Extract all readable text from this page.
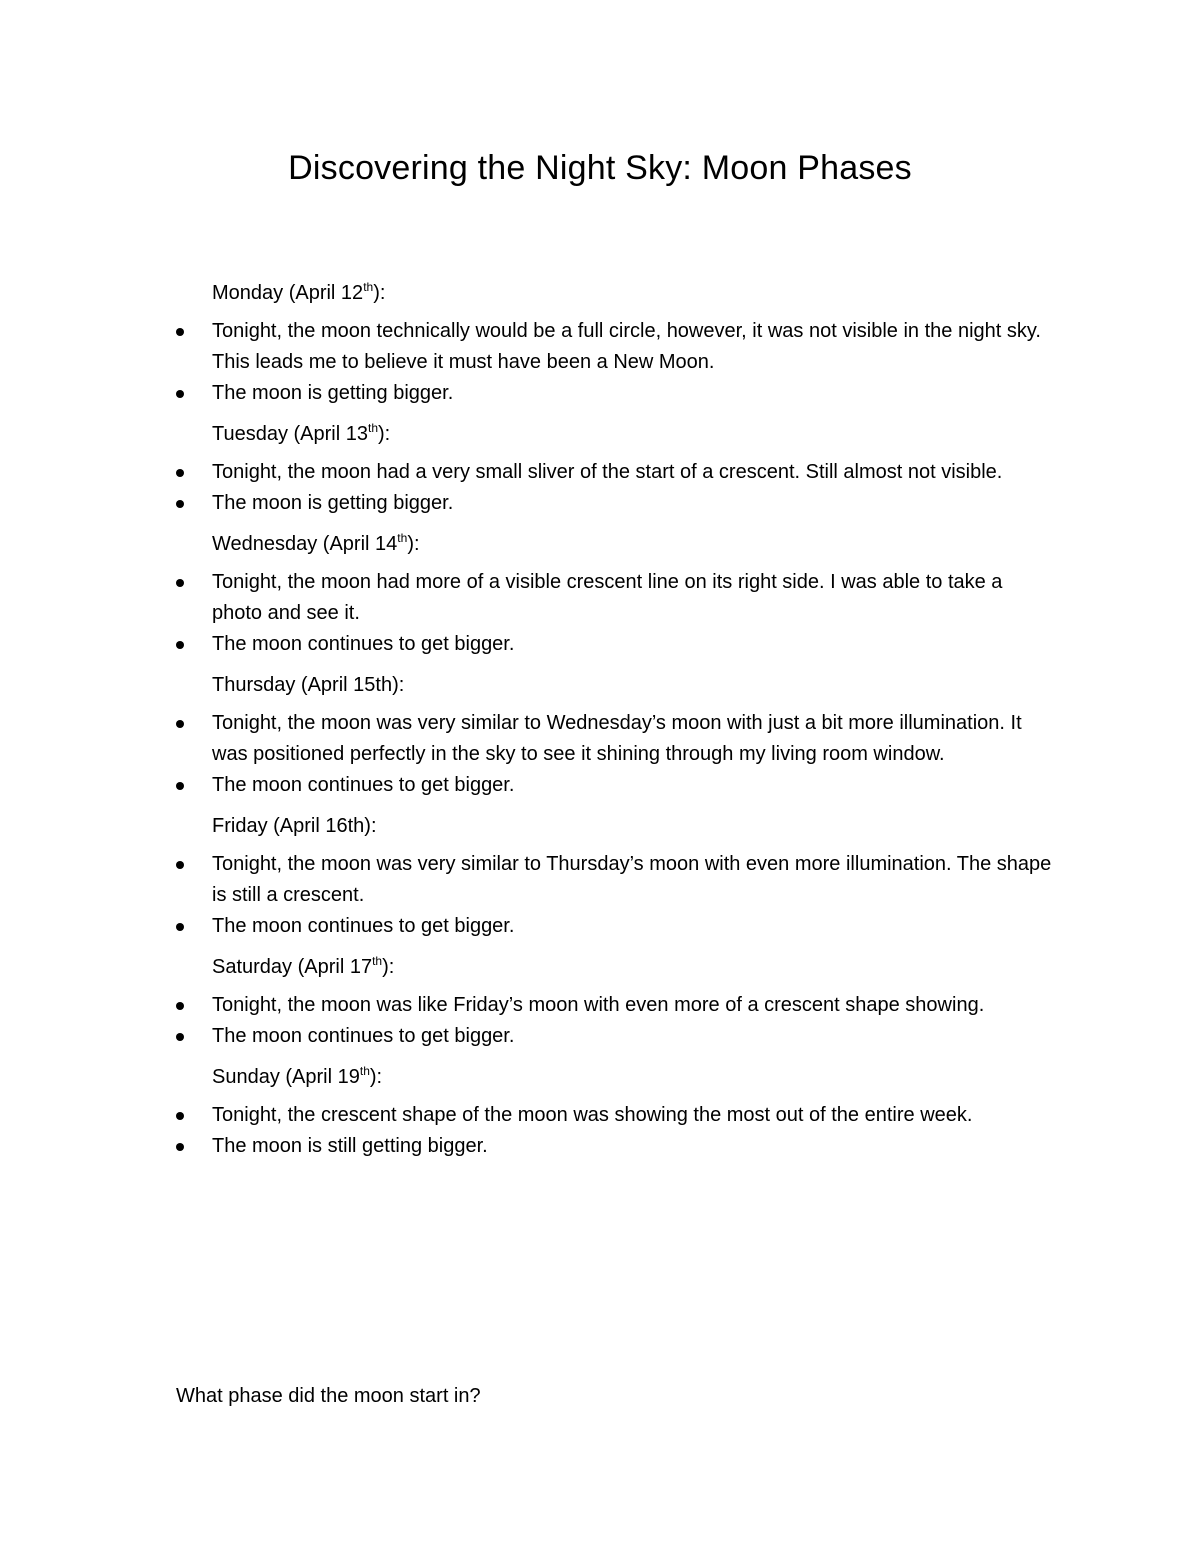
Discovering the Night Sky: Moon Phases
Monday (April 12th):
Tonight, the moon technically would be a full circle, however, it was not visible in the night sky. This leads me to believe it must have been a New Moon.
The moon is getting bigger.
Tuesday (April 13th):
Tonight, the moon had a very small sliver of the start of a crescent. Still almost not visible.
The moon is getting bigger.
Wednesday (April 14th):
Tonight, the moon had more of a visible crescent line on its right side. I was able to take a photo and see it.
The moon continues to get bigger.
Thursday (April 15th):
Tonight, the moon was very similar to Wednesday’s moon with just a bit more illumination. It was positioned perfectly in the sky to see it shining through my living room window.
The moon continues to get bigger.
Friday (April 16th):
Tonight, the moon was very similar to Thursday’s moon with even more illumination. The shape is still a crescent.
The moon continues to get bigger.
Saturday (April 17th):
Tonight, the moon was like Friday’s moon with even more of a crescent shape showing.
The moon continues to get bigger.
Sunday (April 19th):
Tonight, the crescent shape of the moon was showing the most out of the entire week.
The moon is still getting bigger.
What phase did the moon start in?
